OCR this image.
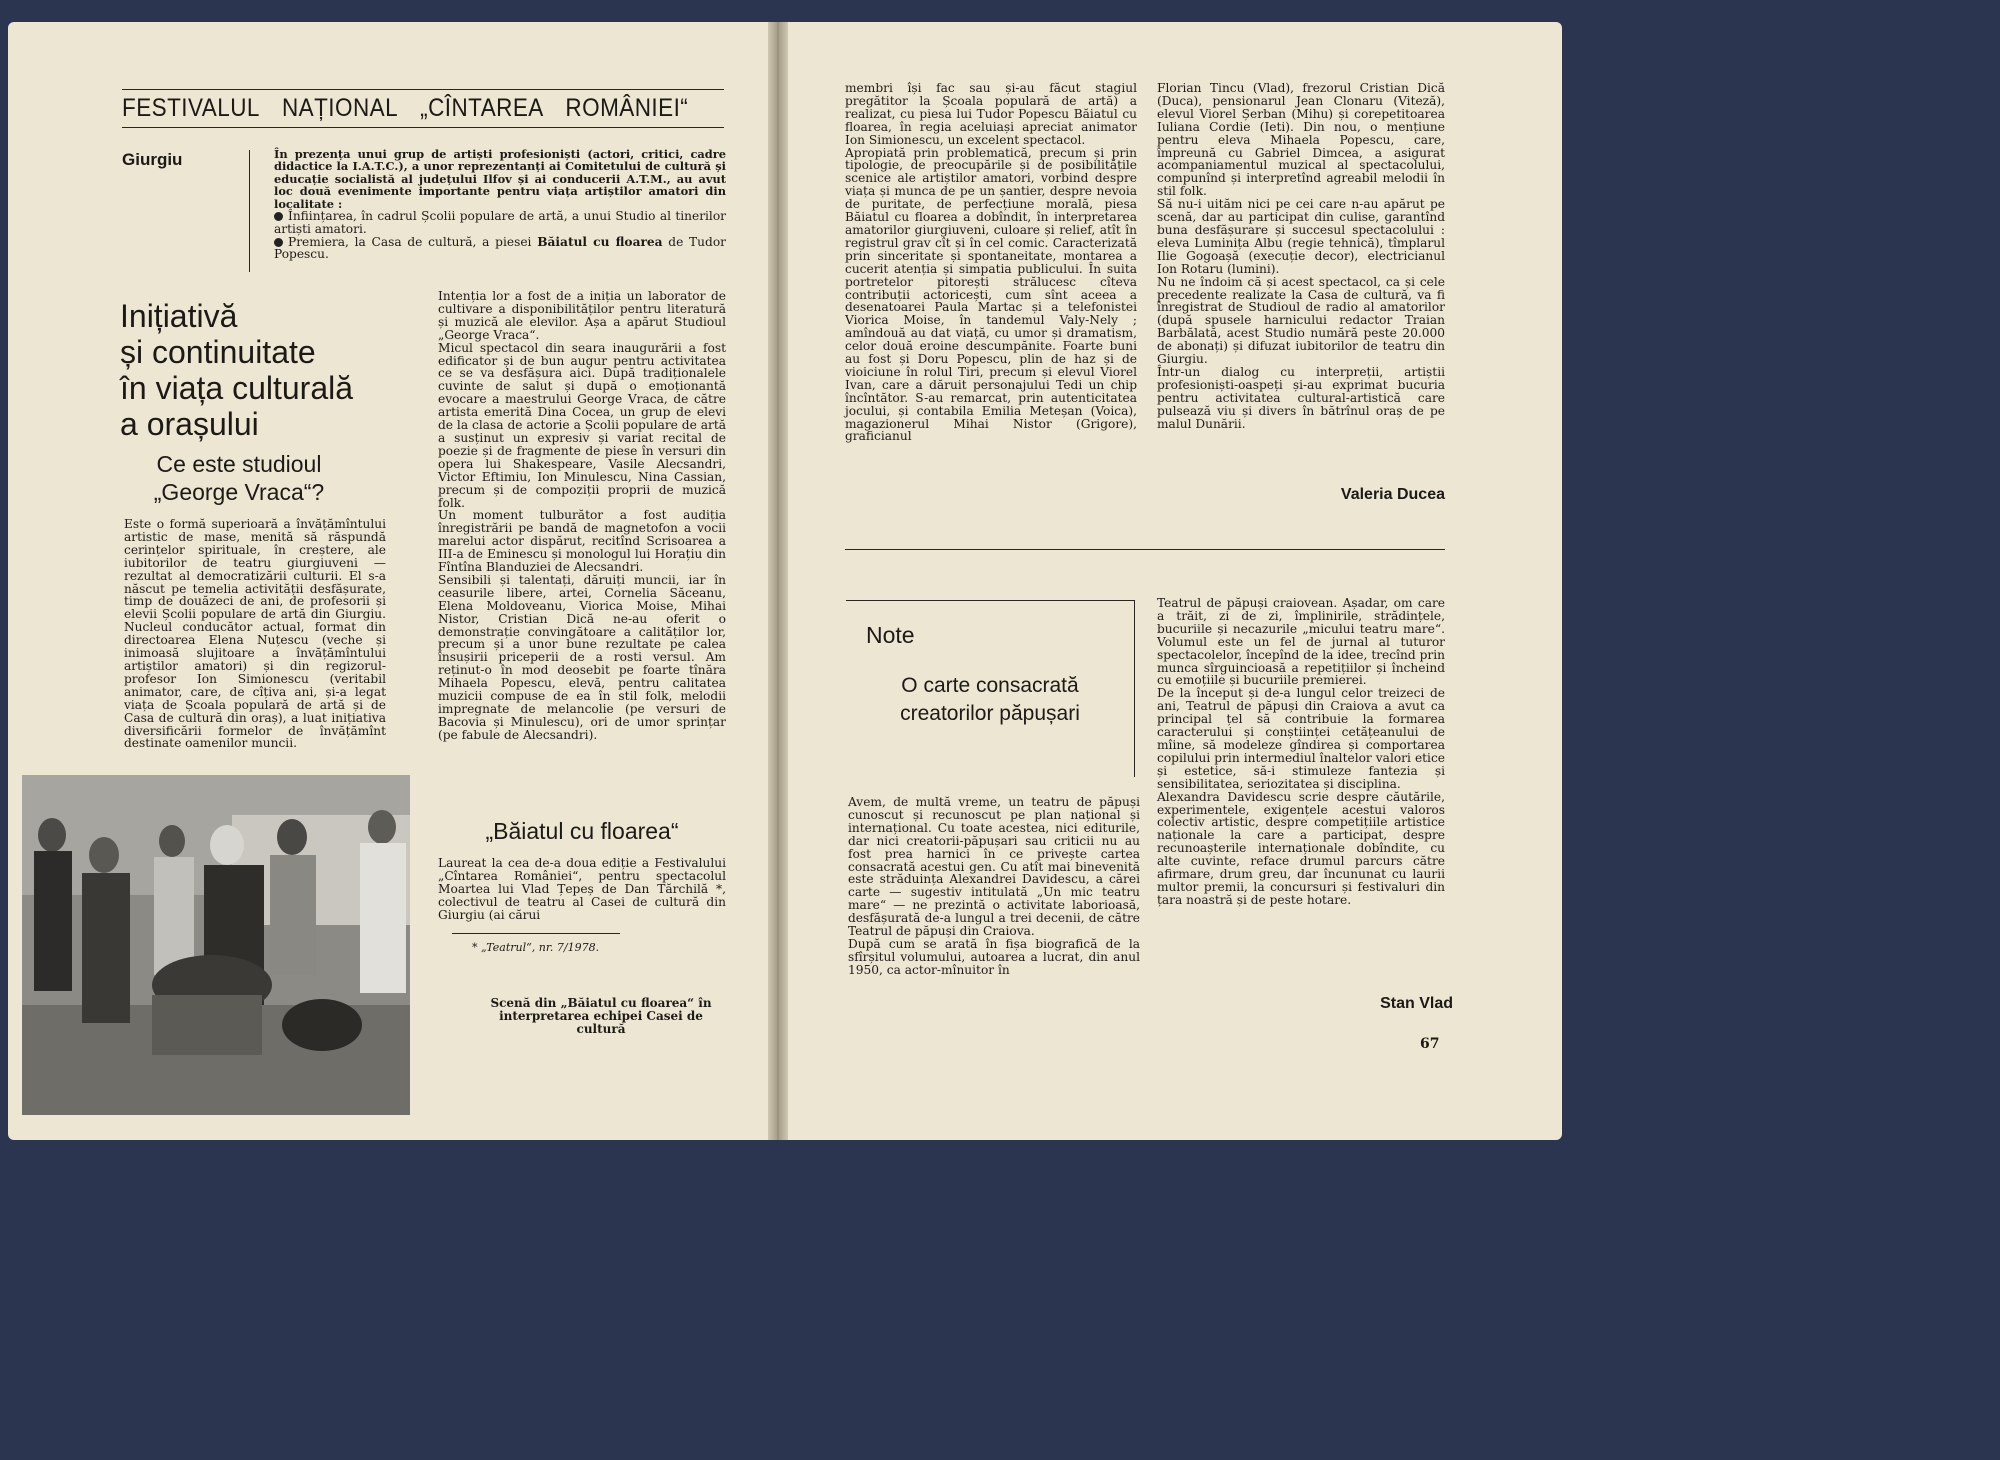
FESTIVALUL NAȚIONAL „CÎNTAREA ROMÂNIEI“
Giurgiu	În prezența unui grup de artiști profesioniști (actori, critici, cadre didactice la I.A.T.C.), a unor reprezentanți ai Comitetului de cultură și educație socialistă al județului Ilfov și ai conducerii A.T.M., au avut loc două evenimente importante pentru viața artiștilor amatori din localitate :
Înființarea, în cadrul Școlii populare de artă, a unui Studio al tinerilor artiști amatori.
Premiera, la Casa de cultură, a piesei Băiatul cu floarea de Tudor Popescu.
Inițiativă
și continuitate
în viața culturală
a orașului
Ce este studioul
„George Vraca“?
Este o formă superioară a învățămîntului artistic de mase, menită să răspundă cerințelor spirituale, în creștere, ale iubitorilor de teatru giurgiuveni — rezultat al democratizării culturii. El s-a născut pe temelia activității desfășurate, timp de douăzeci de ani, de profesorii și elevii Școlii populare de artă din Giurgiu. Nucleul conducător actual, format din directoarea Elena Nuțescu (veche și inimoasă slujitoare a învățămîntului artiștilor amatori) și din regizorul-profesor Ion Simionescu (veritabil animator, care, de cîțiva ani, și-a legat viața de Școala populară de artă și de Casa de cultură din oraș), a luat inițiativa diversificării formelor de învățămînt destinate oamenilor muncii.
Intenția lor a fost de a iniția un laborator de cultivare a disponibilităților pentru literatură și muzică ale elevilor. Așa a apărut Studioul „George Vraca“.
Micul spectacol din seara inaugurării a fost edificator și de bun augur pentru activitatea ce se va desfășura aici. După tradiționalele cuvinte de salut și după o emoționantă evocare a maestrului George Vraca, de către artista emerită Dina Cocea, un grup de elevi de la clasa de actorie a Școlii populare de artă a susținut un expresiv și variat recital de poezie și de fragmente de piese în versuri din opera lui Shakespeare, Vasile Alecsandri, Victor Eftimiu, Ion Minulescu, Nina Cassian, precum și de compoziții proprii de muzică folk.
Un moment tulburător a fost audiția înregistrării pe bandă de magnetofon a vocii marelui actor dispărut, recitînd Scrisoarea a III-a de Eminescu și monologul lui Horațiu din Fîntîna Blanduziei de Alecsandri.
Sensibili și talentați, dăruiți muncii, iar în ceasurile libere, artei, Cornelia Săceanu, Elena Moldoveanu, Viorica Moise, Mihai Nistor, Cristian Dică ne-au oferit o demonstrație convingătoare a calităților lor, precum și a unor bune rezultate pe calea însușirii priceperii de a rosti versul. Am reținut-o în mod deosebit pe foarte tînăra Mihaela Popescu, elevă, pentru calitatea muzicii compuse de ea în stil folk, melodii impregnate de melancolie (pe versuri de Bacovia și Minulescu), ori de umor sprințar (pe fabule de Alecsandri).
„Băiatul cu floarea“
Laureat la cea de-a doua ediție a Festivalului „Cîntarea României“, pentru spectacolul Moartea lui Vlad Țepeș de Dan Tărchilă *, colectivul de teatru al Casei de cultură din Giurgiu (ai cărui
* „Teatrul“, nr. 7/1978.
Scenă din „Băiatul cu floarea“ în interpretarea echipei Casei de cultură
membri își fac sau și-au făcut stagiul pregătitor la Școala populară de artă) a realizat, cu piesa lui Tudor Popescu Băiatul cu floarea, în regia aceluiași apreciat animator Ion Simionescu, un excelent spectacol.
Apropiată prin problematică, precum și prin tipologie, de preocupările și de posibilitățile scenice ale artiștilor amatori, vorbind despre viața și munca de pe un șantier, despre nevoia de puritate, de perfecțiune morală, piesa Băiatul cu floarea a dobîndit, în interpretarea amatorilor giurgiuveni, culoare și relief, atît în registrul grav cît și în cel comic. Caracterizată prin sinceritate și spontaneitate, montarea a cucerit atenția și simpatia publicului. În suita portretelor pitorești strălucesc cîteva contribuții actoricești, cum sînt aceea a desenatoarei Paula Martac și a telefonistei Viorica Moise, în tandemul Valy-Nely ; amîndouă au dat viață, cu umor și dramatism, celor două eroine descumpănite. Foarte buni au fost și Doru Popescu, plin de haz și de vioiciune în rolul Tiri, precum și elevul Viorel Ivan, care a dăruit personajului Tedi un chip încîntător. S-au remarcat, prin autenticitatea jocului, și contabila Emilia Meteșan (Voica), magazionerul Mihai Nistor (Grigore), graficianul
Florian Tincu (Vlad), frezorul Cristian Dică (Duca), pensionarul Jean Clonaru (Viteză), elevul Viorel Șerban (Mihu) și corepetitoarea Iuliana Cordie (Ieti). Din nou, o mențiune pentru eleva Mihaela Popescu, care, împreună cu Gabriel Dimcea, a asigurat acompaniamentul muzical al spectacolului, compunînd și interpretînd agreabil melodii în stil folk.
Să nu-i uităm nici pe cei care n-au apărut pe scenă, dar au participat din culise, garantînd buna desfășurare și succesul spectacolului : eleva Luminița Albu (regie tehnică), tîmplarul Ilie Gogoașă (execuție decor), electricianul Ion Rotaru (lumini).
Nu ne îndoim că și acest spectacol, ca și cele precedente realizate la Casa de cultură, va fi înregistrat de Studioul de radio al amatorilor (după spusele harnicului redactor Traian Barbălată, acest Studio numără peste 20.000 de abonați) și difuzat iubitorilor de teatru din Giurgiu.
Într-un dialog cu interpreții, artiștii profesioniști-oaspeți și-au exprimat bucuria pentru activitatea cultural-artistică care pulsează viu și divers în bătrînul oraș de pe malul Dunării.
Valeria Ducea
Note
O carte consacrată
creatorilor păpușari
Avem, de multă vreme, un teatru de păpuși cunoscut și recunoscut pe plan național și internațional. Cu toate acestea, nici editurile, dar nici creatorii-păpușari sau criticii nu au fost prea harnici în ce privește cartea consacrată acestui gen. Cu atît mai binevenită este străduința Alexandrei Davidescu, a cărei carte — sugestiv intitulată „Un mic teatru mare“ — ne prezintă o activitate laborioasă, desfășurată de-a lungul a trei decenii, de către Teatrul de păpuși din Craiova.
După cum se arată în fișa biografică de la sfîrșitul volumului, autoarea a lucrat, din anul 1950, ca actor-mînuitor în
Teatrul de păpuși craiovean. Așadar, om care a trăit, zi de zi, împlinirile, strădințele, bucuriile și necazurile „micului teatru mare“. Volumul este un fel de jurnal al tuturor spectacolelor, începînd de la idee, trecînd prin munca sîrguincioasă a repetițiilor și încheind cu emoțiile și bucuriile premierei.
De la început și de-a lungul celor treizeci de ani, Teatrul de păpuși din Craiova a avut ca principal țel să contribuie la formarea caracterului și conștiinței cetățeanului de mîine, să modeleze gîndirea și comportarea copilului prin intermediul înaltelor valori etice și estetice, să-i stimuleze fantezia și sensibilitatea, seriozitatea și disciplina.
Alexandra Davidescu scrie despre căutările, experimentele, exigențele acestui valoros colectiv artistic, despre competițiile artistice naționale la care a participat, despre recunoașterile internaționale dobîndite, cu alte cuvinte, reface drumul parcurs către afirmare, drum greu, dar încununat cu laurii multor premii, la concursuri și festivaluri din țara noastră și de peste hotare.
Stan Vlad
67
